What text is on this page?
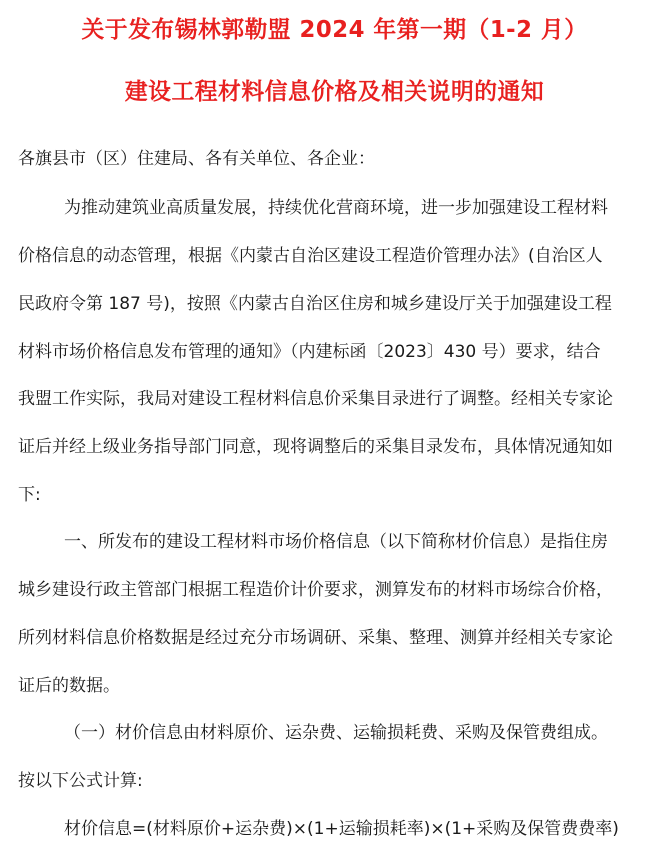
关于发布锡林郭勒盟 2024 年第一期（1-2 月）
建设工程材料信息价格及相关说明的通知
各旗县市（区）住建局、各有关单位、各企业：
为推动建筑业高质量发展，持续优化营商环境，进一步加强建设工程材料
价格信息的动态管理，根据《内蒙古自治区建设工程造价管理办法》(自治区人
民政府令第 187 号)，按照《内蒙古自治区住房和城乡建设厅关于加强建设工程
材料市场价格信息发布管理的通知》（内建标函〔2023〕430 号）要求，结合
我盟工作实际，我局对建设工程材料信息价采集目录进行了调整。经相关专家论
证后并经上级业务指导部门同意，现将调整后的采集目录发布，具体情况通知如
下:
一、所发布的建设工程材料市场价格信息（以下简称材价信息）是指住房
城乡建设行政主管部门根据工程造价计价要求，测算发布的材料市场综合价格，
所列材料信息价格数据是经过充分市场调研、采集、整理、测算并经相关专家论
证后的数据。
（一）材价信息由材料原价、运杂费、运输损耗费、采购及保管费组成。
按以下公式计算:
材价信息=(材料原价+运杂费)×(1+运输损耗率)×(1+采购及保管费费率)
